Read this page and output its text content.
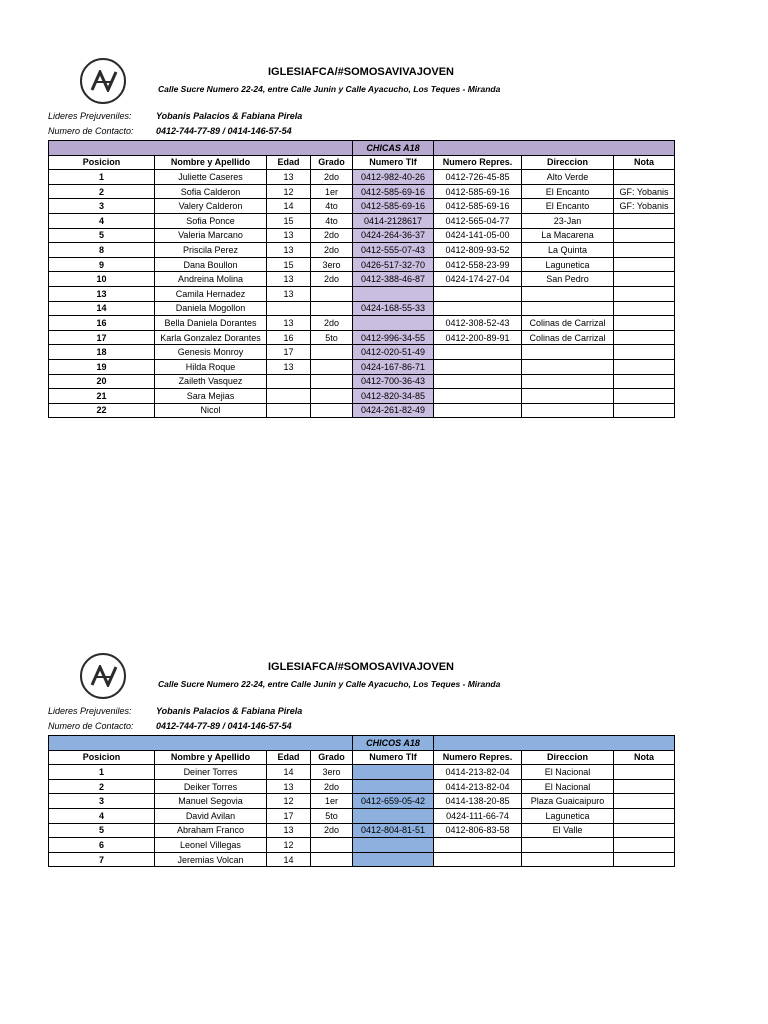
IGLESIAFCA/#SOMOSAVIVAJOVEN
Calle Sucre Numero 22-24, entre Calle Junin y Calle Ayacucho, Los Teques - Miranda
Lideres Prejuveniles:	Yobanis Palacios & Fabiana Pirela
Numero de Contacto: 0412-744-77-89 / 0414-146-57-54
				CHICAS A18			
Posicion	Nombre y Apellido	Edad	Grado	Numero Tlf	Numero Repres.	Direccion	Nota
1	Juliette Caseres	13	2do	0412-982-40-26	0412-726-45-85	Alto Verde	
2	Sofia Calderon	12	1er	0412-585-69-16	0412-585-69-16	El Encanto	GF: Yobanis
3	Valery Calderon	14	4to	0412-585-69-16	0412-585-69-16	El Encanto	GF: Yobanis
4	Sofia Ponce	15	4to	0414-2128617	0412-565-04-77	23-Jan	
5	Valeria Marcano	13	2do	0424-264-36-37	0424-141-05-00	La Macarena	
8	Priscila Perez	13	2do	0412-555-07-43	0412-809-93-52	La Quinta	
9	Dana Boullon	15	3ero	0426-517-32-70	0412-558-23-99	Lagunetica	
10	Andreina Molina	13	2do	0412-388-46-87	0424-174-27-04	San Pedro	
13	Camila Hernadez	13					
14	Daniela Mogollon			0424-168-55-33			
16	Bella Daniela Dorantes	13	2do		0412-308-52-43	Colinas de Carrizal	
17	Karla Gonzalez Dorantes	16	5to	0412-996-34-55	0412-200-89-91	Colinas de Carrizal	
18	Genesis Monroy	17		0412-020-51-49			
19	Hilda Roque	13		0424-167-86-71			
20	Zaileth Vasquez			0412-700-36-43			
21	Sara Mejias			0412-820-34-85			
22	Nicol			0424-261-82-49			
IGLESIAFCA/#SOMOSAVIVAJOVEN
Calle Sucre Numero 22-24, entre Calle Junin y Calle Ayacucho, Los Teques - Miranda
Lideres Prejuveniles:	Yobanis Palacios & Fabiana Pirela
Numero de Contacto: 0412-744-77-89 / 0414-146-57-54
				CHICOS A18			
Posicion	Nombre y Apellido	Edad	Grado	Numero Tlf	Numero Repres.	Direccion	Nota
1	Deiner Torres	14	3ero		0414-213-82-04	El Nacional	
2	Deiker Torres	13	2do		0414-213-82-04	El Nacional	
3	Manuel Segovia	12	1er	0412-659-05-42	0414-138-20-85	Plaza Guaicaipuro	
4	David Avilan	17	5to		0424-111-66-74	Lagunetica	
5	Abraham Franco	13	2do	0412-804-81-51	0412-806-83-58	El Valle	
6	Leonel Villegas	12					
7	Jeremias Volcan	14					
